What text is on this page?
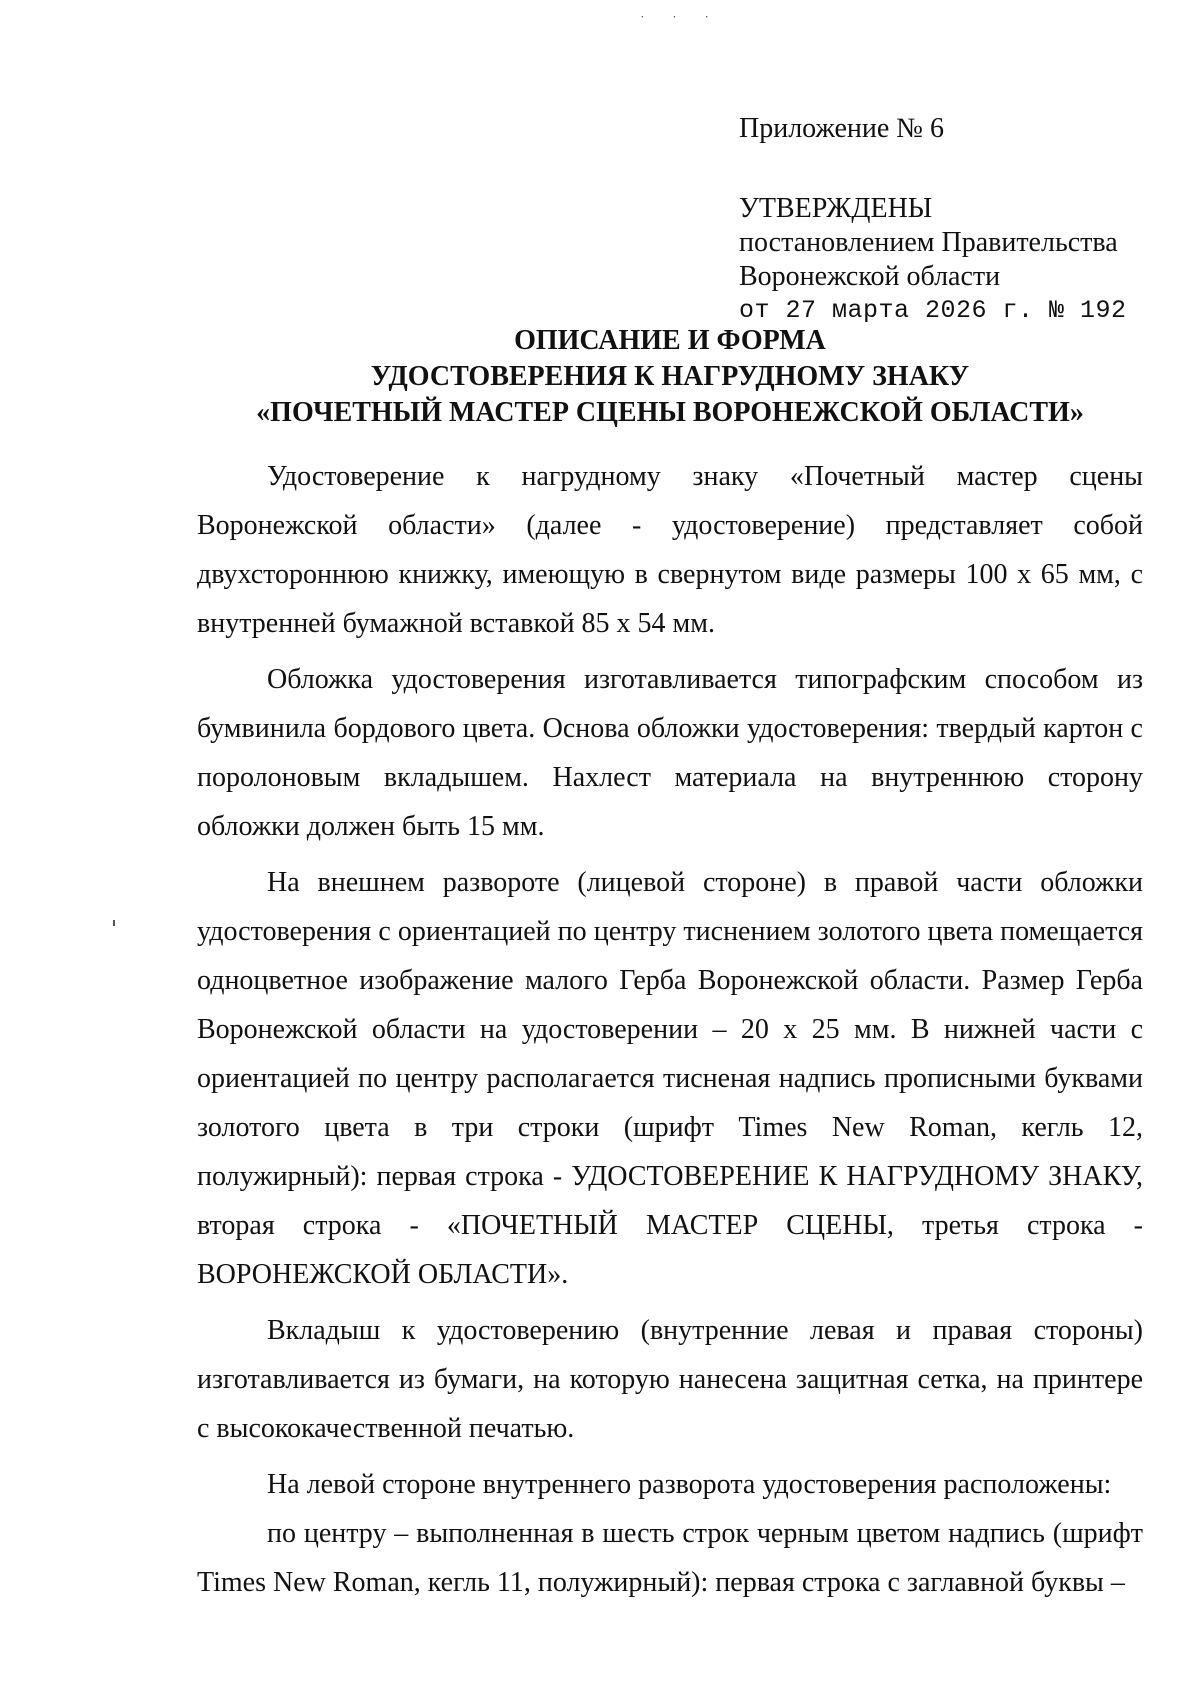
˙ ˙ ˙
Приложение № 6
УТВЕРЖДЕНЫ
постановлением Правительства
Воронежской области
от 27 марта 2026 г. № 192
ОПИСАНИЕ И ФОРМА
УДОСТОВЕРЕНИЯ К НАГРУДНОМУ ЗНАКУ
«ПОЧЕТНЫЙ МАСТЕР СЦЕНЫ ВОРОНЕЖСКОЙ ОБЛАСТИ»

Удостоверение к нагрудному знаку «Почетный мастер сцены Воронежской области» (далее - удостоверение) представляет собой двухстороннюю книжку, имеющую в свернутом виде размеры 100 х 65 мм, с внутренней бумажной вставкой 85 х 54 мм.

Обложка удостоверения изготавливается типографским способом из бумвинила бордового цвета. Основа обложки удостоверения: твердый картон с поролоновым вкладышем. Нахлест материала на внутреннюю сторону обложки должен быть 15 мм.

На внешнем развороте (лицевой стороне) в правой части обложки удостоверения с ориентацией по центру тиснением золотого цвета помещается одноцветное изображение малого Герба Воронежской области. Размер Герба Воронежской области на удостоверении – 20 х 25 мм. В нижней части с ориентацией по центру располагается тисненая надпись прописными буквами золотого цвета в три строки (шрифт Times New Roman, кегль 12, полужирный): первая строка - УДОСТОВЕРЕНИЕ К НАГРУДНОМУ ЗНАКУ, вторая строка - «ПОЧЕТНЫЙ МАСТЕР СЦЕНЫ, третья строка - ВОРОНЕЖСКОЙ ОБЛАСТИ».

Вкладыш к удостоверению (внутренние левая и правая стороны) изготавливается из бумаги, на которую нанесена защитная сетка, на принтере с высококачественной печатью.

На левой стороне внутреннего разворота удостоверения расположены:

по центру – выполненная в шесть строк черным цветом надпись (шрифт Times New Roman, кегль 11, полужирный): первая строка с заглавной буквы –
